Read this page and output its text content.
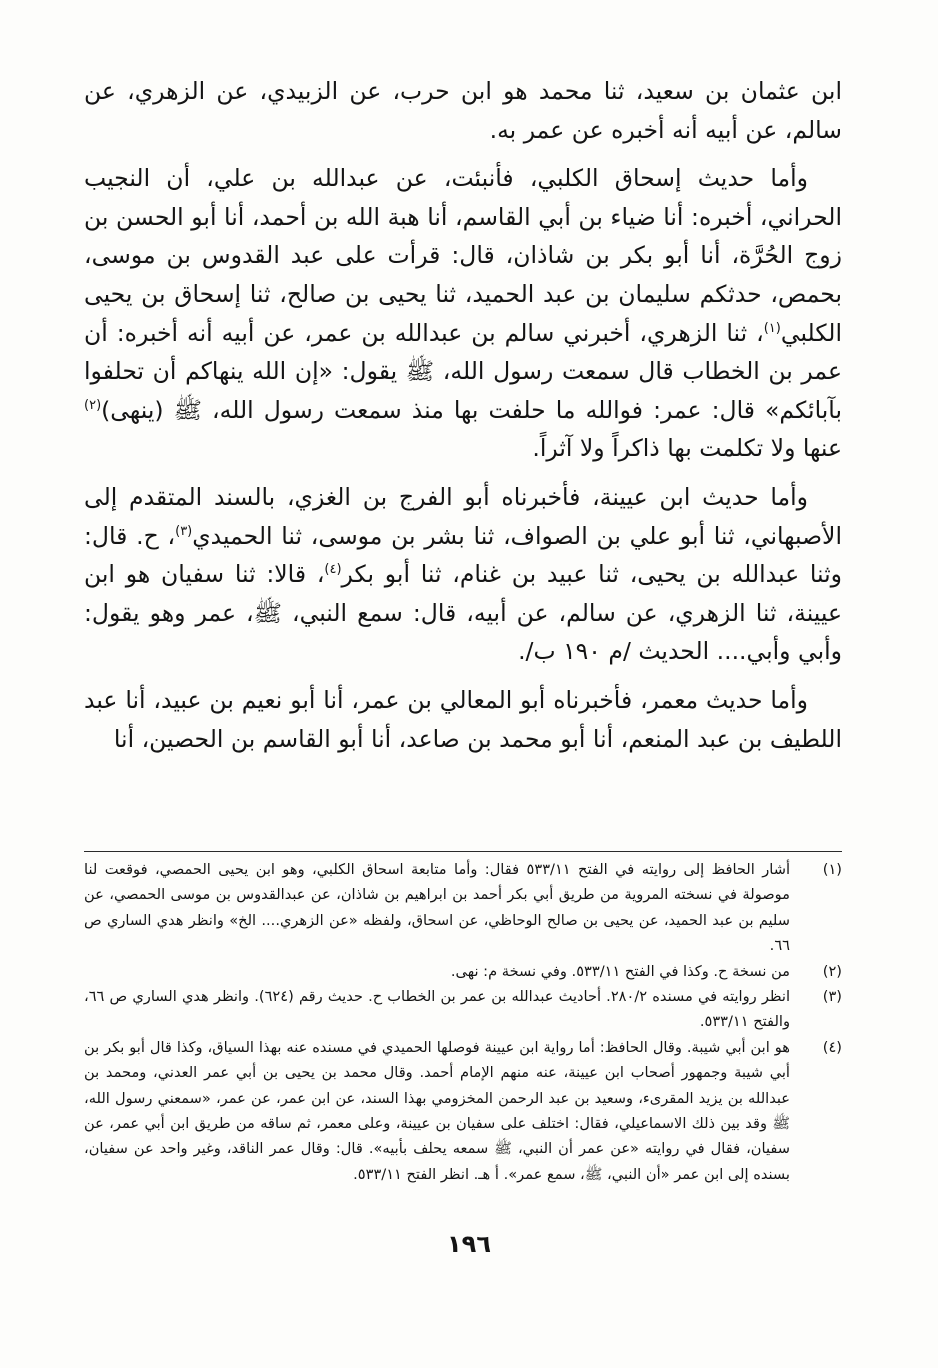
ابن عثمان بن سعيد، ثنا محمد هو ابن حرب، عن الزبيدي، عن الزهري، عن سالم، عن أبيه أنه أخبره عن عمر به.

وأما حديث إسحاق الكلبي، فأنبئت، عن عبدالله بن علي، أن النجيب الحراني، أخبره: أنا ضياء بن أبي القاسم، أنا هبة الله بن أحمد، أنا أبو الحسن بن زوج الحُرَّة، أنا أبو بكر بن شاذان، قال: قرأت على عبد القدوس بن موسى، بحمص، حدثكم سليمان بن عبد الحميد، ثنا يحيى بن صالح، ثنا إسحاق بن يحيى الكلبي$^{(١)}$، ثنا الزهري، أخبرني سالم بن عبدالله بن عمر، عن أبيه أنه أخبره: أن عمر بن الخطاب قال سمعت رسول الله، ﷺ يقول: «إن الله ينهاكم أن تحلفوا بآبائكم» قال: عمر: فوالله ما حلفت بها منذ سمعت رسول الله، ﷺ (ينهى)$^{(٢)}$ عنها ولا تكلمت بها ذاكراً ولا آثراً.

وأما حديث ابن عيينة، فأخبرناه أبو الفرج بن الغزي، بالسند المتقدم إلى الأصبهاني، ثنا أبو علي بن الصواف، ثنا بشر بن موسى، ثنا الحميدي$^{(٣)}$، ح. قال: وثنا عبدالله بن يحيى، ثنا عبيد بن غنام، ثنا أبو بكر$^{(٤)}$، قالا: ثنا سفيان هو ابن عيينة، ثنا الزهري، عن سالم، عن أبيه، قال: سمع النبي، ﷺ، عمر وهو يقول: وأبي وأبي.... الحديث /م ١٩٠ ب/.

وأما حديث معمر، فأخبرناه أبو المعالي بن عمر، أنا أبو نعيم بن عبيد، أنا عبد اللطيف بن عبد المنعم، أنا أبو محمد بن صاعد، أنا أبو القاسم بن الحصين، أنا

(١)
أشار الحافظ إلى روايته في الفتح ٥٣٣/١١ فقال: وأما متابعة اسحاق الكلبي، وهو ابن يحيى الحمصي، فوقعت لنا موصولة في نسخته المروية من طريق أبي بكر أحمد بن ابراهيم بن شاذان، عن عبدالقدوس بن موسى الحمصي، عن سليم بن عبد الحميد، عن يحيى بن صالح الوحاظي، عن اسحاق، ولفظه «عن الزهري.... الخ» وانظر هدي الساري ص ٦٦.
(٢)
من نسخة ح. وكذا في الفتح ٥٣٣/١١. وفي نسخة م: نهى.
(٣)
انظر روايته في مسنده ٢٨٠/٢. أحاديث عبدالله بن عمر بن الخطاب ح. حديث رقم (٦٢٤). وانظر هدي الساري ص ٦٦، والفتح ٥٣٣/١١.
(٤)
هو ابن أبي شيبة. وقال الحافظ: أما رواية ابن عيينة فوصلها الحميدي في مسنده عنه بهذا السياق، وكذا قال أبو بكر بن أبي شيبة وجمهور أصحاب ابن عيينة، عنه منهم الإمام أحمد. وقال محمد بن يحيى بن أبي عمر العدني، ومحمد بن عبدالله بن يزيد المقرىء، وسعيد بن عبد الرحمن المخزومي بهذا السند، عن ابن عمر، عن عمر، «سمعني رسول الله، ﷺ وقد بين ذلك الاسماعيلي، فقال: اختلف على سفيان بن عيينة، وعلى معمر، ثم ساقه من طريق ابن أبي عمر، عن سفيان، فقال في روايته «عن عمر أن النبي، ﷺ سمعه يحلف بأبيه». قال: وقال عمر الناقد، وغير واحد عن سفيان، بسنده إلى ابن عمر «أن النبي، ﷺ، سمع عمر». أ هـ. انظر الفتح ٥٣٣/١١.
١٩٦
